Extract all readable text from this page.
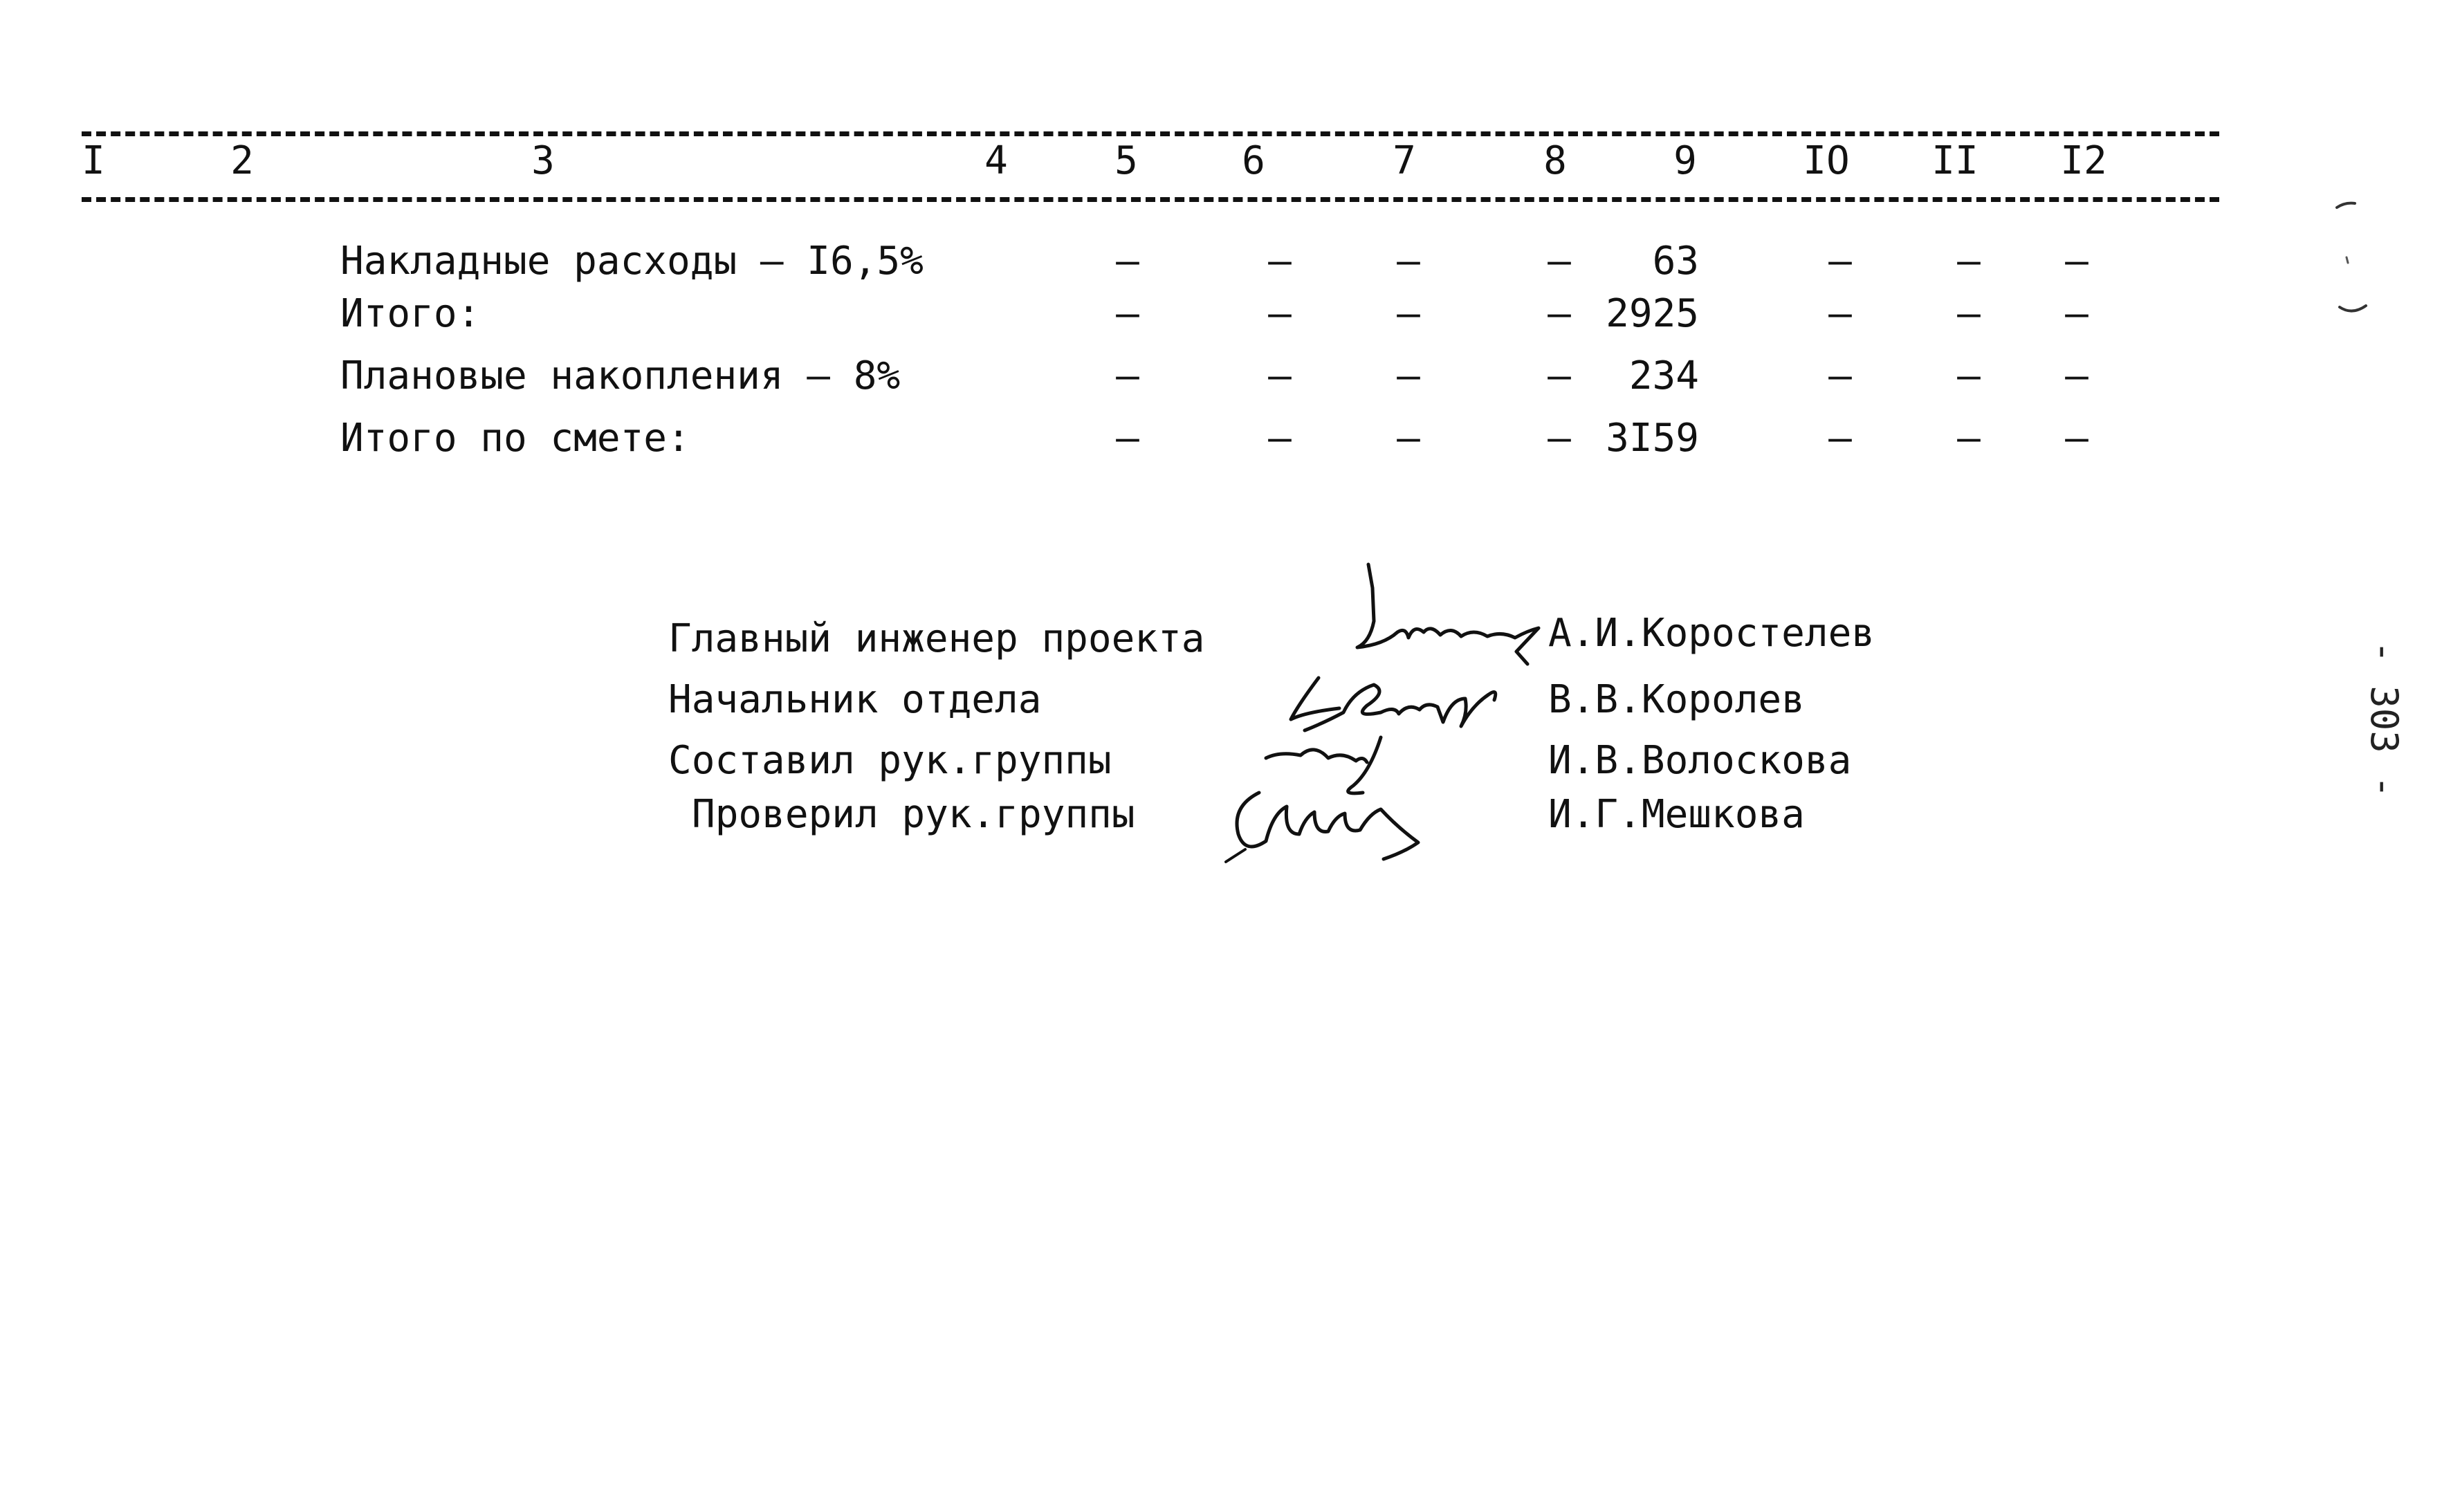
I	2	3	4	5	6	7	8	9	IO II I2
Накладные расходы – I6,5%	–	–	–	–	63	–	–	–
Итого:	–	–	–	– 2925	–	–	–
Плановые накопления – 8%	–	–	–	–	234	–	–	–
Итого по смете:	–	–	–	– 3I59	–	–	–
Главный инженер проекта	А.И.Коростелев
Начальник отдела	В.В.Королев
Составил рук.группы	И.В.Волоскова
Проверил рук.группы	И.Г.Мешкова
- 303 -
